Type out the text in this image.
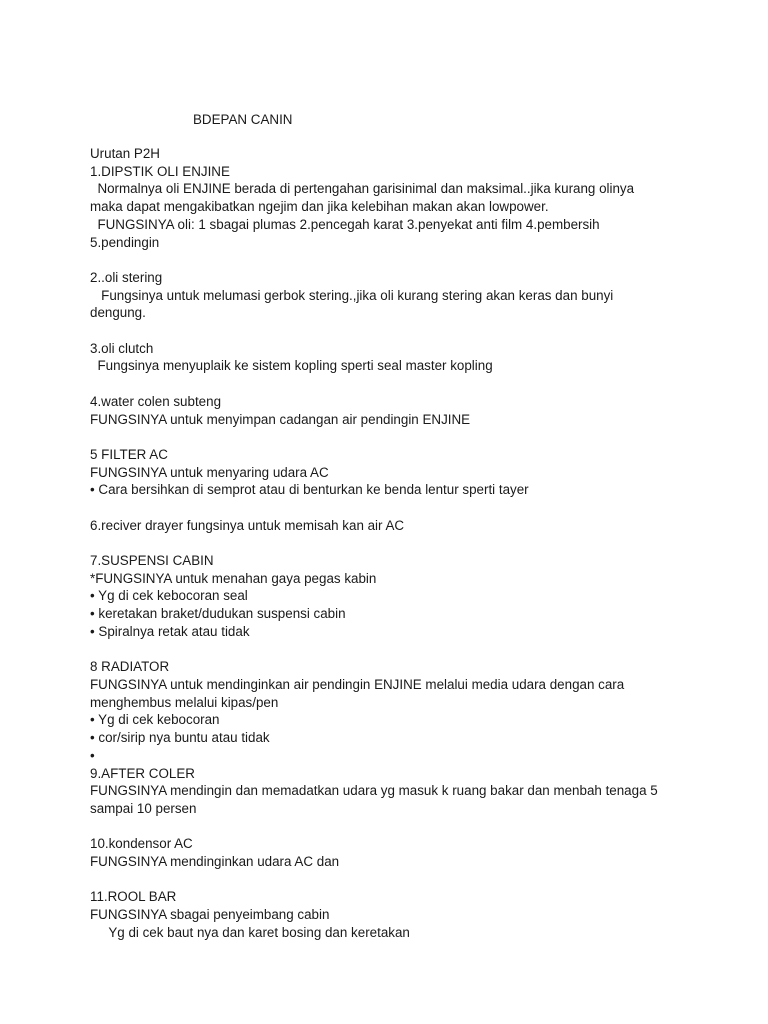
BDEPAN CANIN
Urutan P2H
1.DIPSTIK OLI ENJINE
Normalnya oli ENJINE berada di pertengahan garisinimal dan maksimal..jika kurang olinya
maka dapat mengakibatkan ngejim dan jika kelebihan makan akan lowpower.
FUNGSINYA oli: 1 sbagai plumas 2.pencegah karat 3.penyekat anti film 4.pembersih
5.pendingin
2..oli stering
Fungsinya untuk melumasi gerbok stering.,jika oli kurang stering akan keras dan bunyi
dengung.
3.oli clutch
Fungsinya menyuplaik ke sistem kopling sperti seal master kopling
4.water colen subteng
FUNGSINYA untuk menyimpan cadangan air pendingin ENJINE
5 FILTER AC
FUNGSINYA untuk menyaring udara AC
• Cara bersihkan di semprot atau di benturkan ke benda lentur sperti tayer
6.reciver drayer fungsinya untuk memisah kan air AC
7.SUSPENSI CABIN
*FUNGSINYA untuk menahan gaya pegas kabin
• Yg di cek kebocoran seal
• keretakan braket/dudukan suspensi cabin
• Spiralnya retak atau tidak
8 RADIATOR
FUNGSINYA untuk mendinginkan air pendingin ENJINE melalui media udara dengan cara
menghembus melalui kipas/pen
• Yg di cek kebocoran
• cor/sirip nya buntu atau tidak
•
9.AFTER COLER
FUNGSINYA mendingin dan memadatkan udara yg masuk k ruang bakar dan menbah tenaga 5
sampai 10 persen
10.kondensor AC
FUNGSINYA mendinginkan udara AC dan
11.ROOL BAR
FUNGSINYA sbagai penyeimbang cabin
Yg di cek baut nya dan karet bosing dan keretakan
